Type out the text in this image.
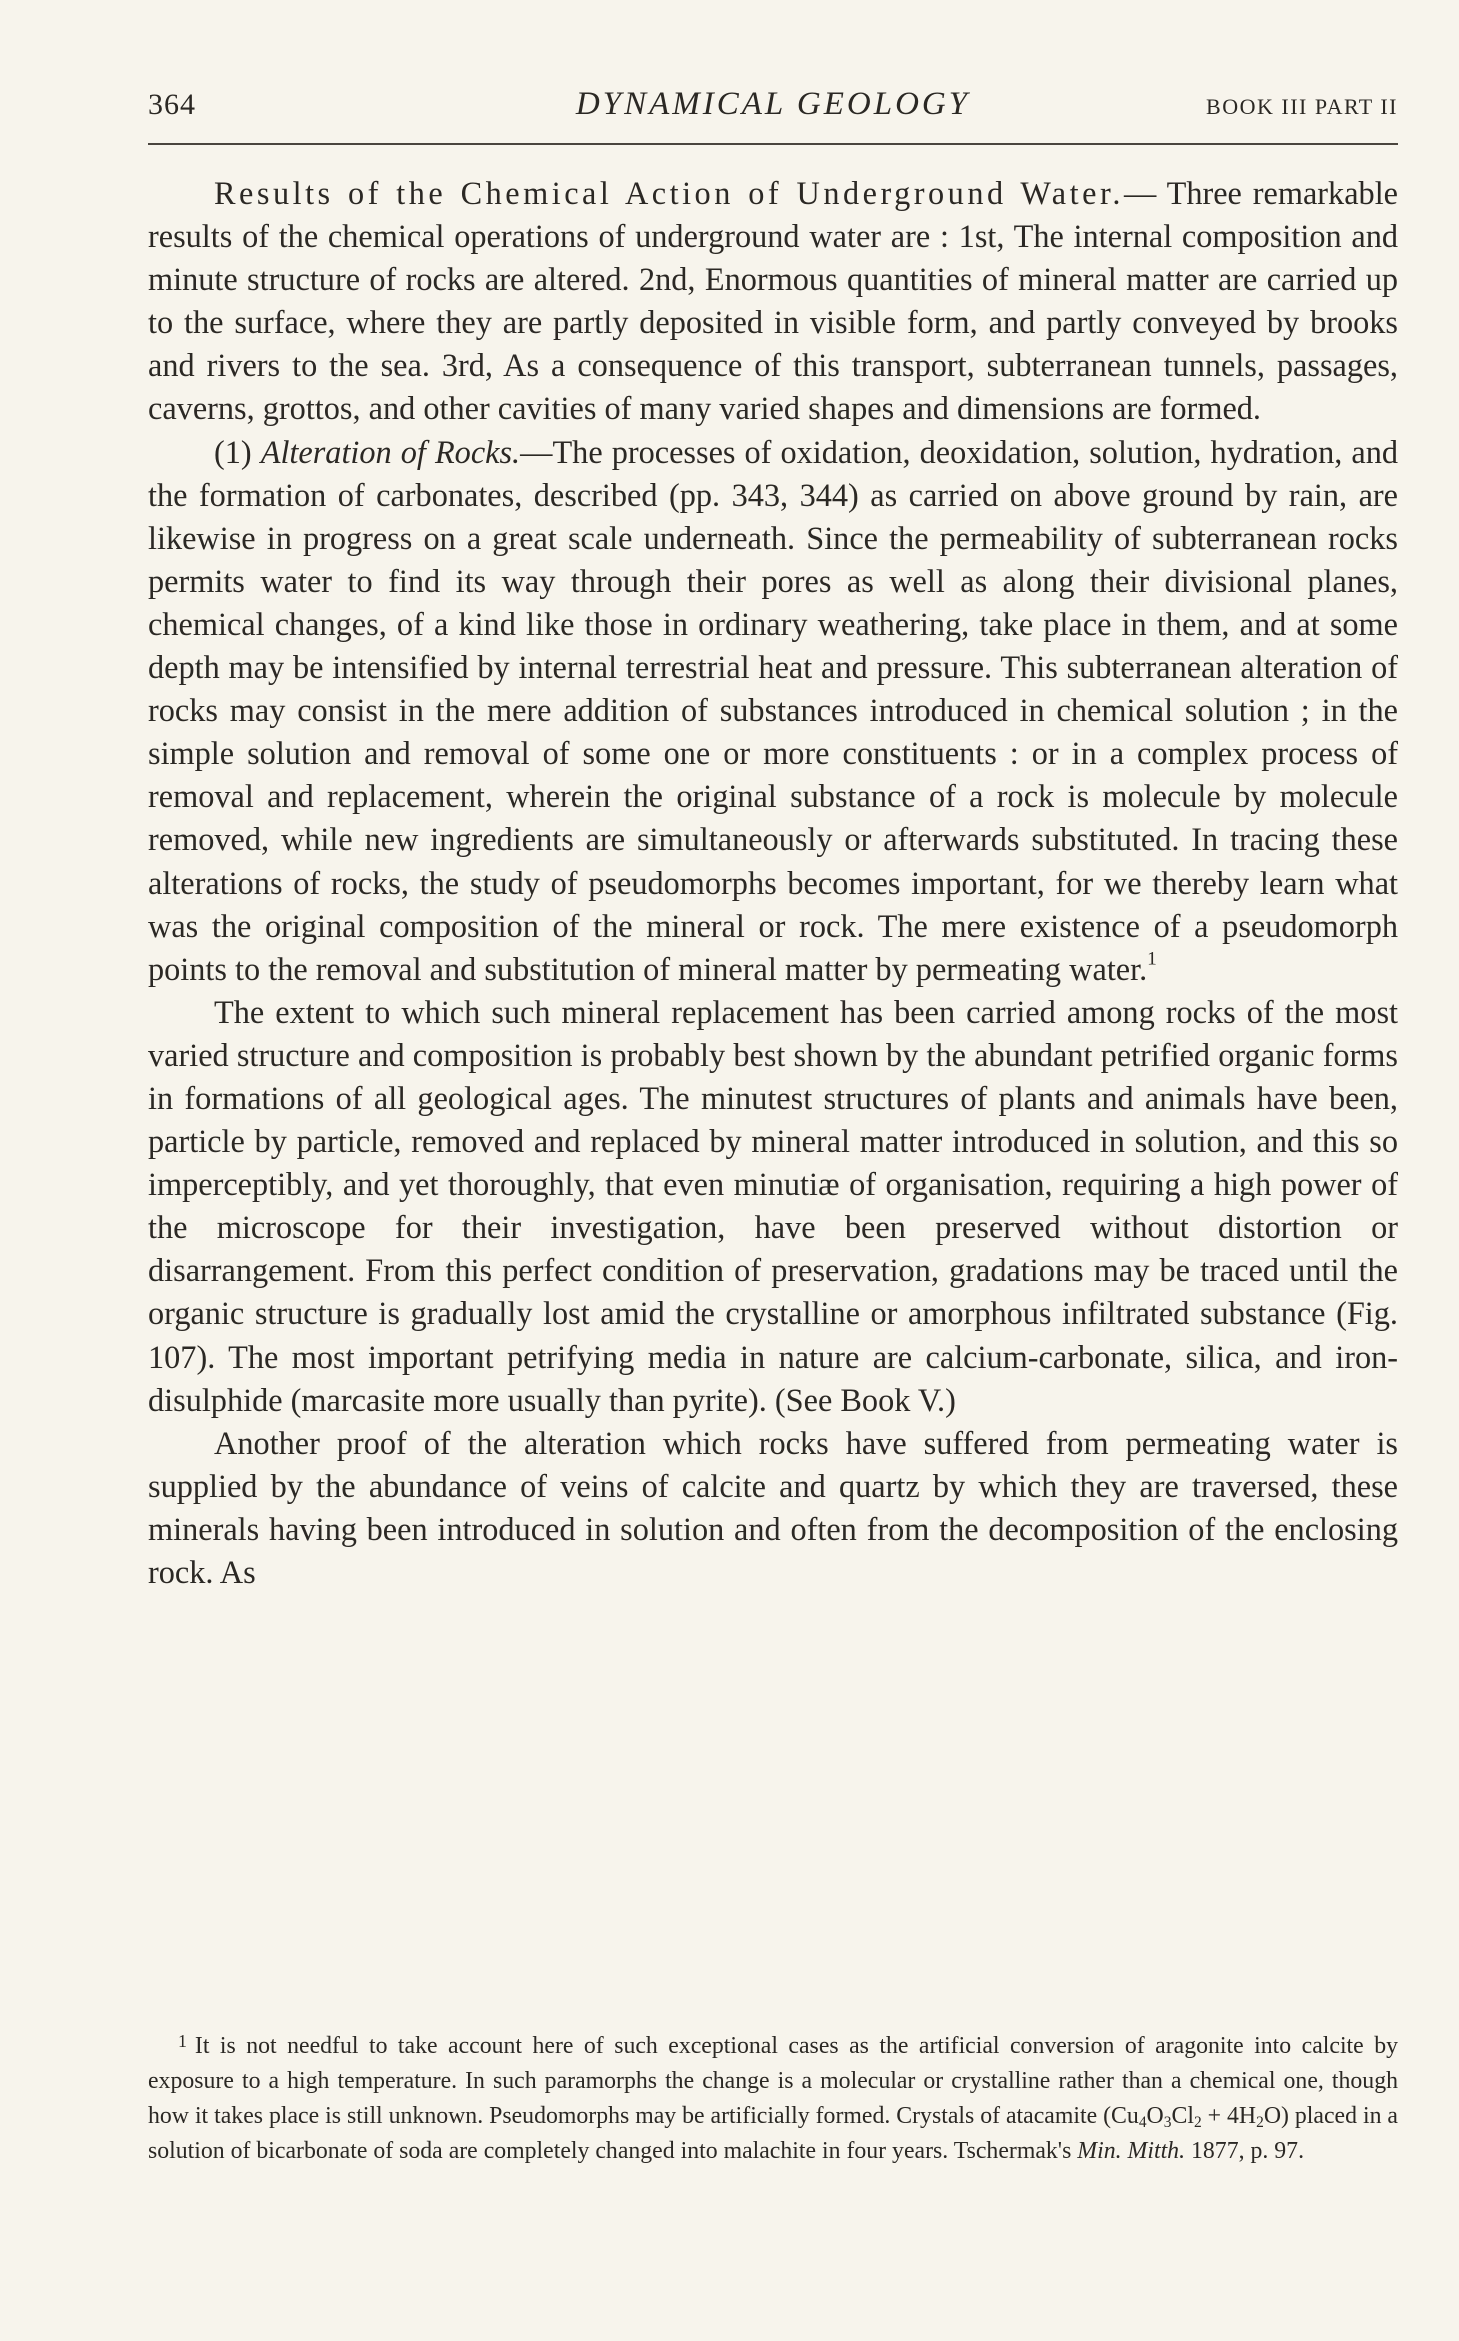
364	DYNAMICAL GEOLOGY	BOOK III PART II

Results of the Chemical Action of Underground Water.— Three remarkable results of the chemical operations of underground water are : 1st, The internal composition and minute structure of rocks are altered. 2nd, Enormous quantities of mineral matter are carried up to the surface, where they are partly deposited in visible form, and partly conveyed by brooks and rivers to the sea. 3rd, As a consequence of this transport, subterranean tunnels, passages, caverns, grottos, and other cavities of many varied shapes and dimensions are formed.

(1) Alteration of Rocks.—The processes of oxidation, deoxidation, solution, hydration, and the formation of carbonates, described (pp. 343, 344) as carried on above ground by rain, are likewise in progress on a great scale underneath. Since the permeability of subterranean rocks permits water to find its way through their pores as well as along their divisional planes, chemical changes, of a kind like those in ordinary weathering, take place in them, and at some depth may be intensified by internal terrestrial heat and pressure. This subterranean alteration of rocks may consist in the mere addition of substances introduced in chemical solution ; in the simple solution and removal of some one or more constituents : or in a complex process of removal and replacement, wherein the original substance of a rock is molecule by molecule removed, while new ingredients are simultaneously or afterwards substituted. In tracing these alterations of rocks, the study of pseudomorphs becomes important, for we thereby learn what was the original composition of the mineral or rock. The mere existence of a pseudomorph points to the removal and substitution of mineral matter by permeating water.$^1$

The extent to which such mineral replacement has been carried among rocks of the most varied structure and composition is probably best shown by the abundant petrified organic forms in formations of all geological ages. The minutest structures of plants and animals have been, particle by particle, removed and replaced by mineral matter introduced in solution, and this so imperceptibly, and yet thoroughly, that even minutiæ of organisation, requiring a high power of the microscope for their investigation, have been preserved without distortion or disarrangement. From this perfect condition of preservation, gradations may be traced until the organic structure is gradually lost amid the crystalline or amorphous infiltrated substance (Fig. 107). The most important petrifying media in nature are calcium-carbonate, silica, and iron-disulphide (marcasite more usually than pyrite). (See Book V.)

Another proof of the alteration which rocks have suffered from permeating water is supplied by the abundance of veins of calcite and quartz by which they are traversed, these minerals having been introduced in solution and often from the decomposition of the enclosing rock. As

$^1$ It is not needful to take account here of such exceptional cases as the artificial conversion of aragonite into calcite by exposure to a high temperature. In such paramorphs the change is a molecular or crystalline rather than a chemical one, though how it takes place is still unknown. Pseudomorphs may be artificially formed. Crystals of atacamite $(Cu_4O_3Cl_2 + 4H_2O)$ placed in a solution of bicarbonate of soda are completely changed into malachite in four years. Tschermak's Min. Mitth. 1877, p. 97.
